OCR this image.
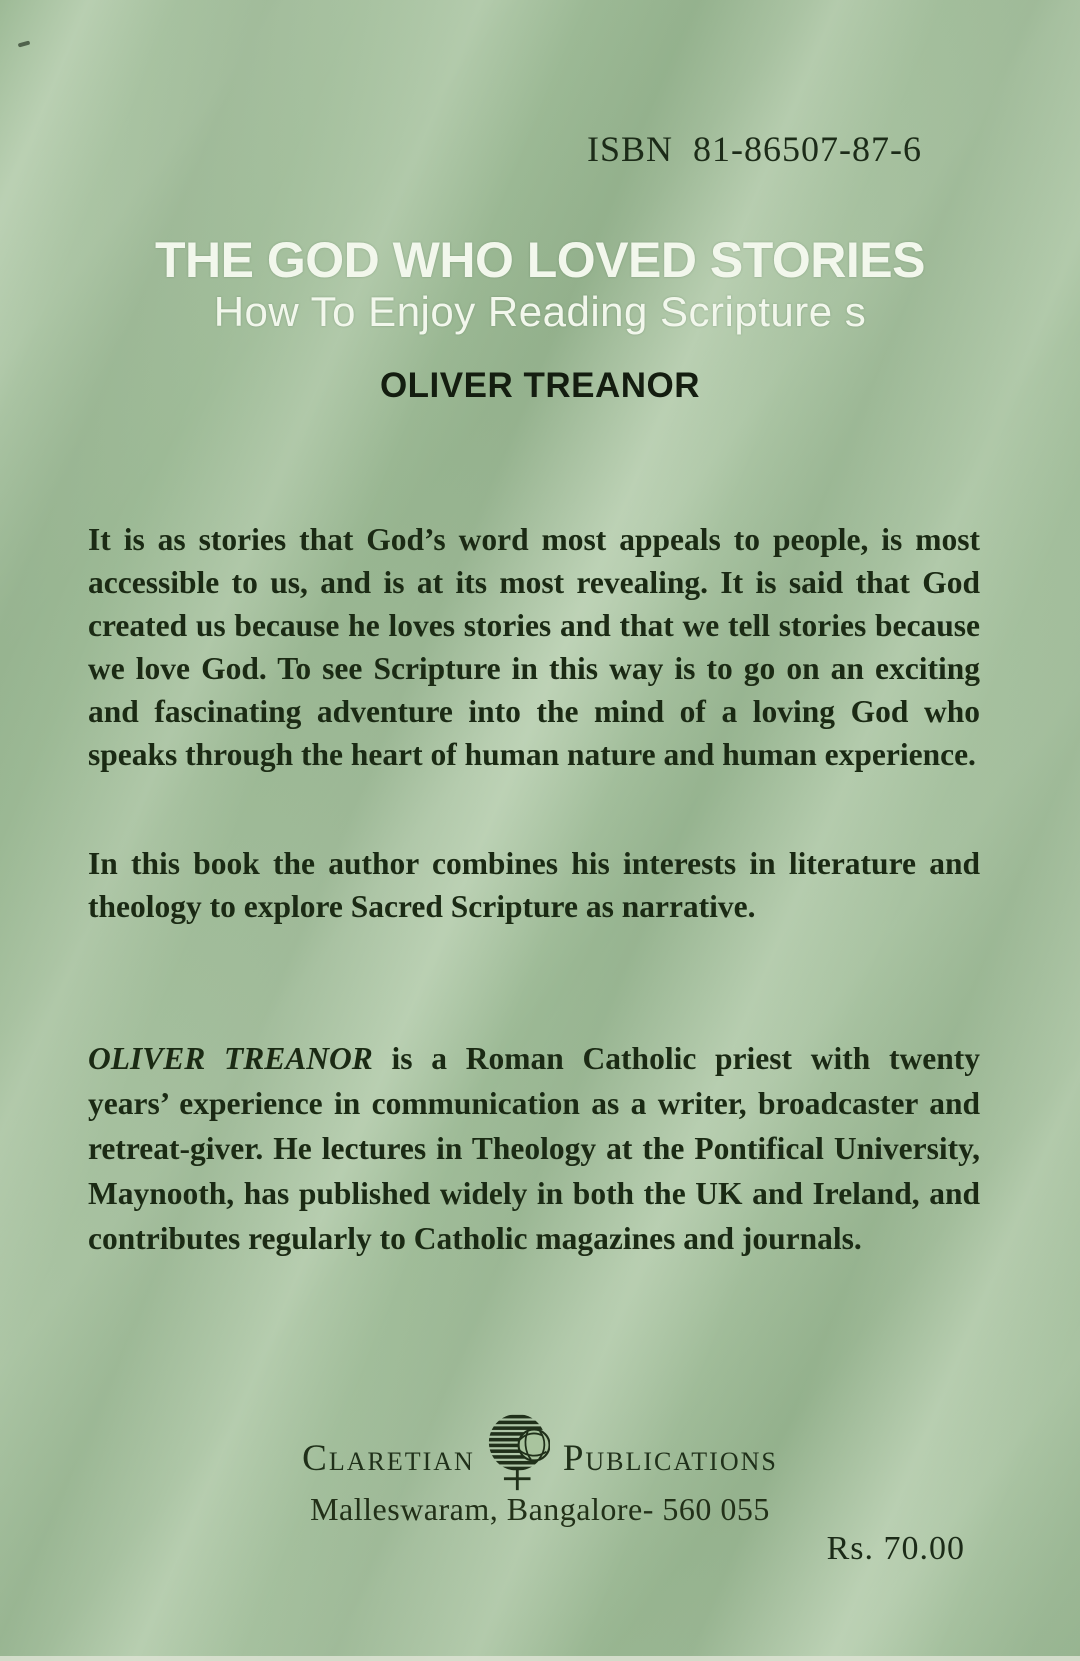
ISBN  81-86507-87-6
THE GOD WHO LOVED STORIES
How To Enjoy Reading Scripture s
OLIVER TREANOR

It is as stories that God’s word most appeals to people, is most accessible to us, and is at its most revealing. It is said that God created us because he loves stories and that we tell stories because we love God. To see Scripture in this way is to go on an exciting and fascinating adventure into the mind of a loving God who speaks through the heart of human nature and human experience.

In this book the author combines his interests in literature and theology to explore Sacred Scripture as narrative.

OLIVER TREANOR is a Roman Catholic priest with twenty years’ experience in communication as a writer, broadcaster and retreat-giver. He lectures in Theology at the Pontifical University, Maynooth, has published widely in both the UK and Ireland, and contributes regularly to Catholic magazines and journals.

Claretian Publications
Malleswaram, Bangalore- 560 055
Rs. 70.00
